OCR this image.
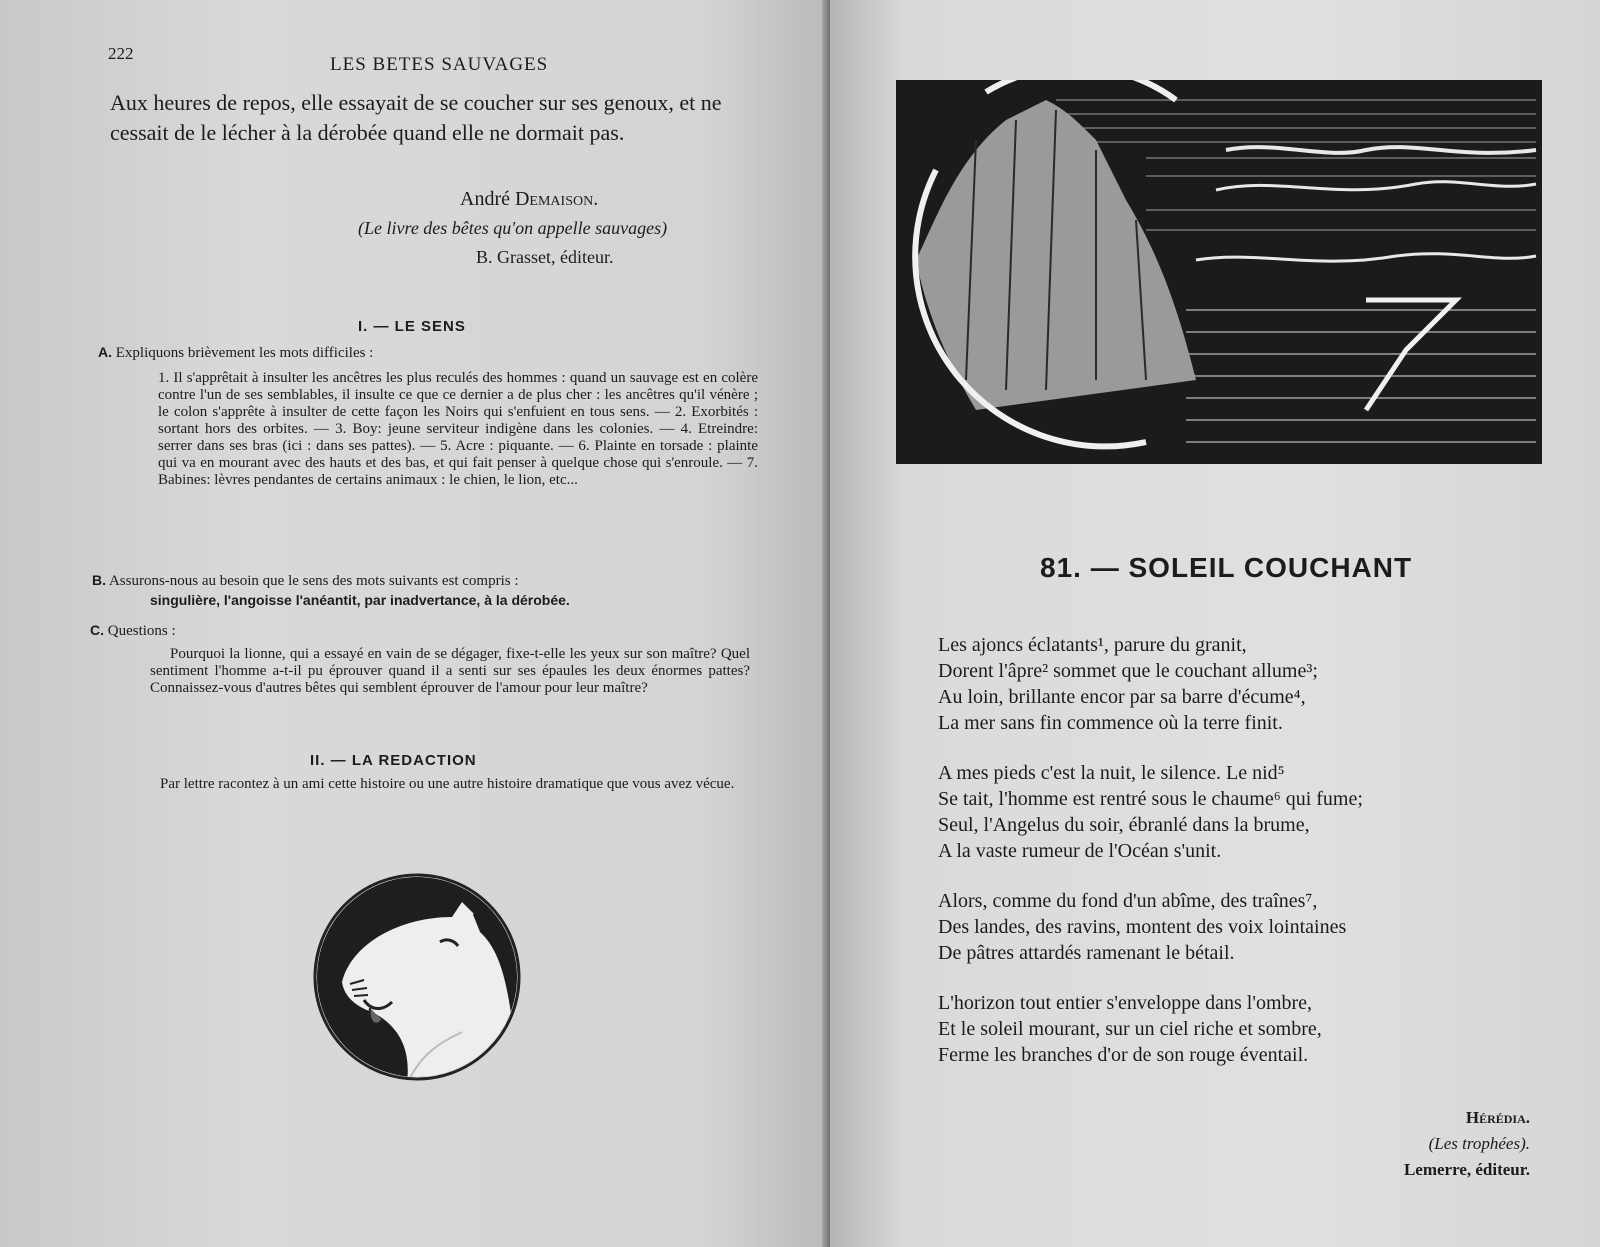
222
LES BETES SAUVAGES
Aux heures de repos, elle essayait de se coucher sur ses genoux, et ne cessait de le lécher à la dérobée quand elle ne dormait pas.
André Demaison.
(Le livre des bêtes qu'on appelle sauvages)
B. Grasset, éditeur.
I. — LE SENS
A. Expliquons brièvement les mots difficiles :
1. Il s'apprêtait à insulter les ancêtres les plus reculés des hommes : quand un sauvage est en colère contre l'un de ses semblables, il insulte ce que ce dernier a de plus cher : les ancêtres qu'il vénère ; le colon s'apprête à insulter de cette façon les Noirs qui s'enfuient en tous sens. — 2. Exorbités : sortant hors des orbites. — 3. Boy: jeune serviteur indigène dans les colonies. — 4. Etreindre: serrer dans ses bras (ici : dans ses pattes). — 5. Acre : piquante. — 6. Plainte en torsade : plainte qui va en mourant avec des hauts et des bas, et qui fait penser à quelque chose qui s'enroule. — 7. Babines: lèvres pendantes de certains animaux : le chien, le lion, etc...
B. Assurons-nous au besoin que le sens des mots suivants est compris :
singulière, l'angoisse l'anéantit, par inadvertance, à la dérobée.
C. Questions :
Pourquoi la lionne, qui a essayé en vain de se dégager, fixe-t-elle les yeux sur son maître? Quel sentiment l'homme a-t-il pu éprouver quand il a senti sur ses épaules les deux énormes pattes? Connaissez-vous d'autres bêtes qui semblent éprouver de l'amour pour leur maître?
II. — LA REDACTION
Par lettre racontez à un ami cette histoire ou une autre histoire dramatique que vous avez vécue.
81. — SOLEIL COUCHANT
Les ajoncs éclatants¹, parure du granit,
Dorent l'âpre² sommet que le couchant allume³;
Au loin, brillante encor par sa barre d'écume⁴,
La mer sans fin commence où la terre finit.
A mes pieds c'est la nuit, le silence. Le nid⁵
Se tait, l'homme est rentré sous le chaume⁶ qui fume;
Seul, l'Angelus du soir, ébranlé dans la brume,
A la vaste rumeur de l'Océan s'unit.
Alors, comme du fond d'un abîme, des traînes⁷,
Des landes, des ravins, montent des voix lointaines
De pâtres attardés ramenant le bétail.
L'horizon tout entier s'enveloppe dans l'ombre,
Et le soleil mourant, sur un ciel riche et sombre,
Ferme les branches d'or de son rouge éventail.
Hérédia.
(Les trophées).
Lemerre, éditeur.
